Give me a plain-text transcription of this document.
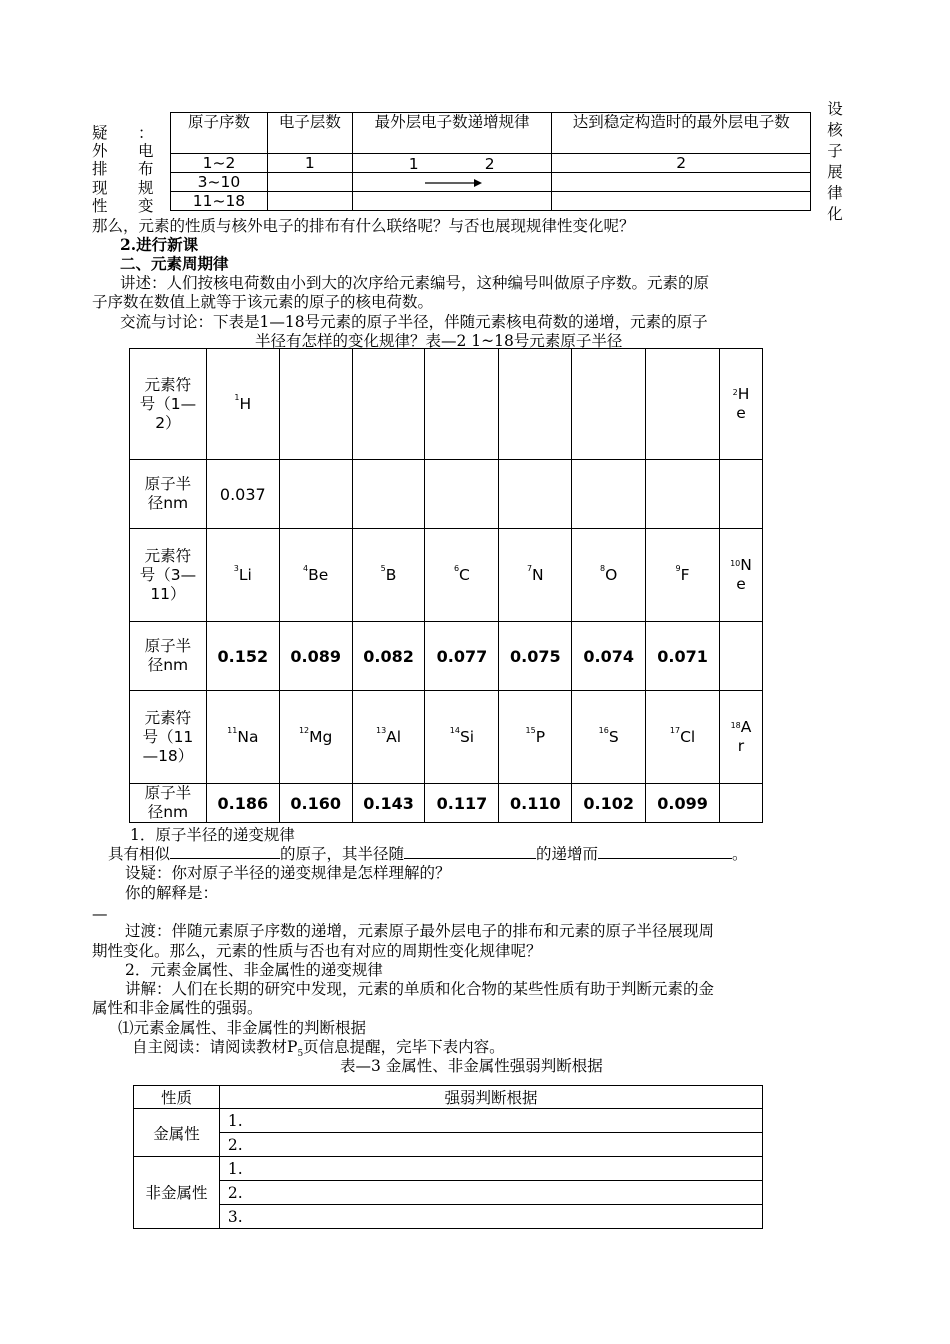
疑 ：
外 电
排 布
现 规
性 变
设
核
子
展
律
化
原子序数	电子层数	最外层电子数递增规律	达到稳定构造时的最外层电子数
1~2	1	1 2	2
3~10		

11~18			
那么，元素的性质与核外电子的排布有什么联络呢？与否也展现规律性变化呢？
2.进行新课
二、元素周期律
讲述：人们按核电荷数由小到大的次序给元素编号，这种编号叫做原子序数。元素的原
子序数在数值上就等于该元素的原子的核电荷数。
交流与讨论：下表是1—18号元素的原子半径，伴随元素核电荷数的递增，元素的原子
半径有怎样的变化规律？表—2 1~18号元素原子半径
元素符号（1—2）	$^1$H							$^2$He
原子半径nm	0.037							
元素符号（3—11）	$^3$Li	$^4$Be	$^5$B	$^6$C	$^7$N	$^8$O	$^9$F	$^{10}$Ne
原子半径nm	0.152	0.089	0.082	0.077	0.075	0.074	0.071	
元素符号（11—18）	$^{11}$Na	$^{12}$Mg	$^{13}$Al	$^{14}$Si	$^{15}$P	$^{16}$S	$^{17}$Cl	$^{18}$Ar
原子半径nm	0.186	0.160	0.143	0.117	0.110	0.102	0.099	
1．原子半径的递变规律
具有相似	的原子，其半径随	的递增而	。
设疑：你对原子半径的递变规律是怎样理解的？
你的解释是：
—
过渡：伴随元素原子序数的递增，元素原子最外层电子的排布和元素的原子半径展现周
期性变化。那么，元素的性质与否也有对应的周期性变化规律呢？
2．元素金属性、非金属性的递变规律
讲解：人们在长期的研究中发现，元素的单质和化合物的某些性质有助于判断元素的金
属性和非金属性的强弱。
⑴元素金属性、非金属性的判断根据
自主阅读：请阅读教材$P_5$页信息提醒，完毕下表内容。
表—3 金属性、非金属性强弱判断根据
性质	强弱判断根据
金属性	1.
	2.
非金属性	1.
	2.
	3.
